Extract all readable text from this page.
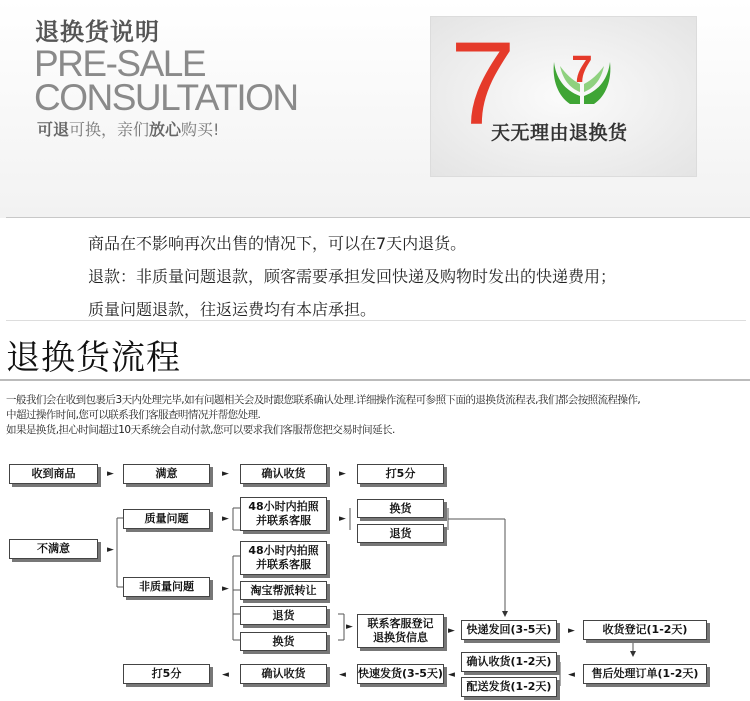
退换货说明
PRE-SALE
CONSULTATION
可退可换，亲们放心购买! 7 7
天无理由退换货
商品在不影响再次出售的情况下，可以在7天内退货。
退款：非质量问题退款，顾客需要承担发回快递及购物时发出的快递费用；
质量问题退款，往返运费均有本店承担。
退换货流程
一般我们会在收到包裹后3天内处理完毕,如有问题相关会及时跟您联系确认处理.详细操作流程可参照下面的退换货流程表,我们都会按照流程操作,
中超过操作时间,您可以联系我们客服查明情况并帮您处理.
如果是换货,担心时间超过10天系统会自动付款,您可以要求我们客服帮您把交易时间延长.
收到商品	►	满意	►	确认收货	►	打5分
不满意	►
质量问题	►
48小时内拍照
并联系客服	►
换货
退货
非质量问题	►
48小时内拍照
并联系客服
淘宝帮派转让
退货
换货
► 联系客服登记
退换货信息 ►	快递发回(3-5天)	►	收货登记(1-2天)
打5分	◄	确认收货	◄ 快速发货(3-5天) ◄
确认收货(1-2天)
配送发货(1-2天)
◄	售后处理订单(1-2天)
